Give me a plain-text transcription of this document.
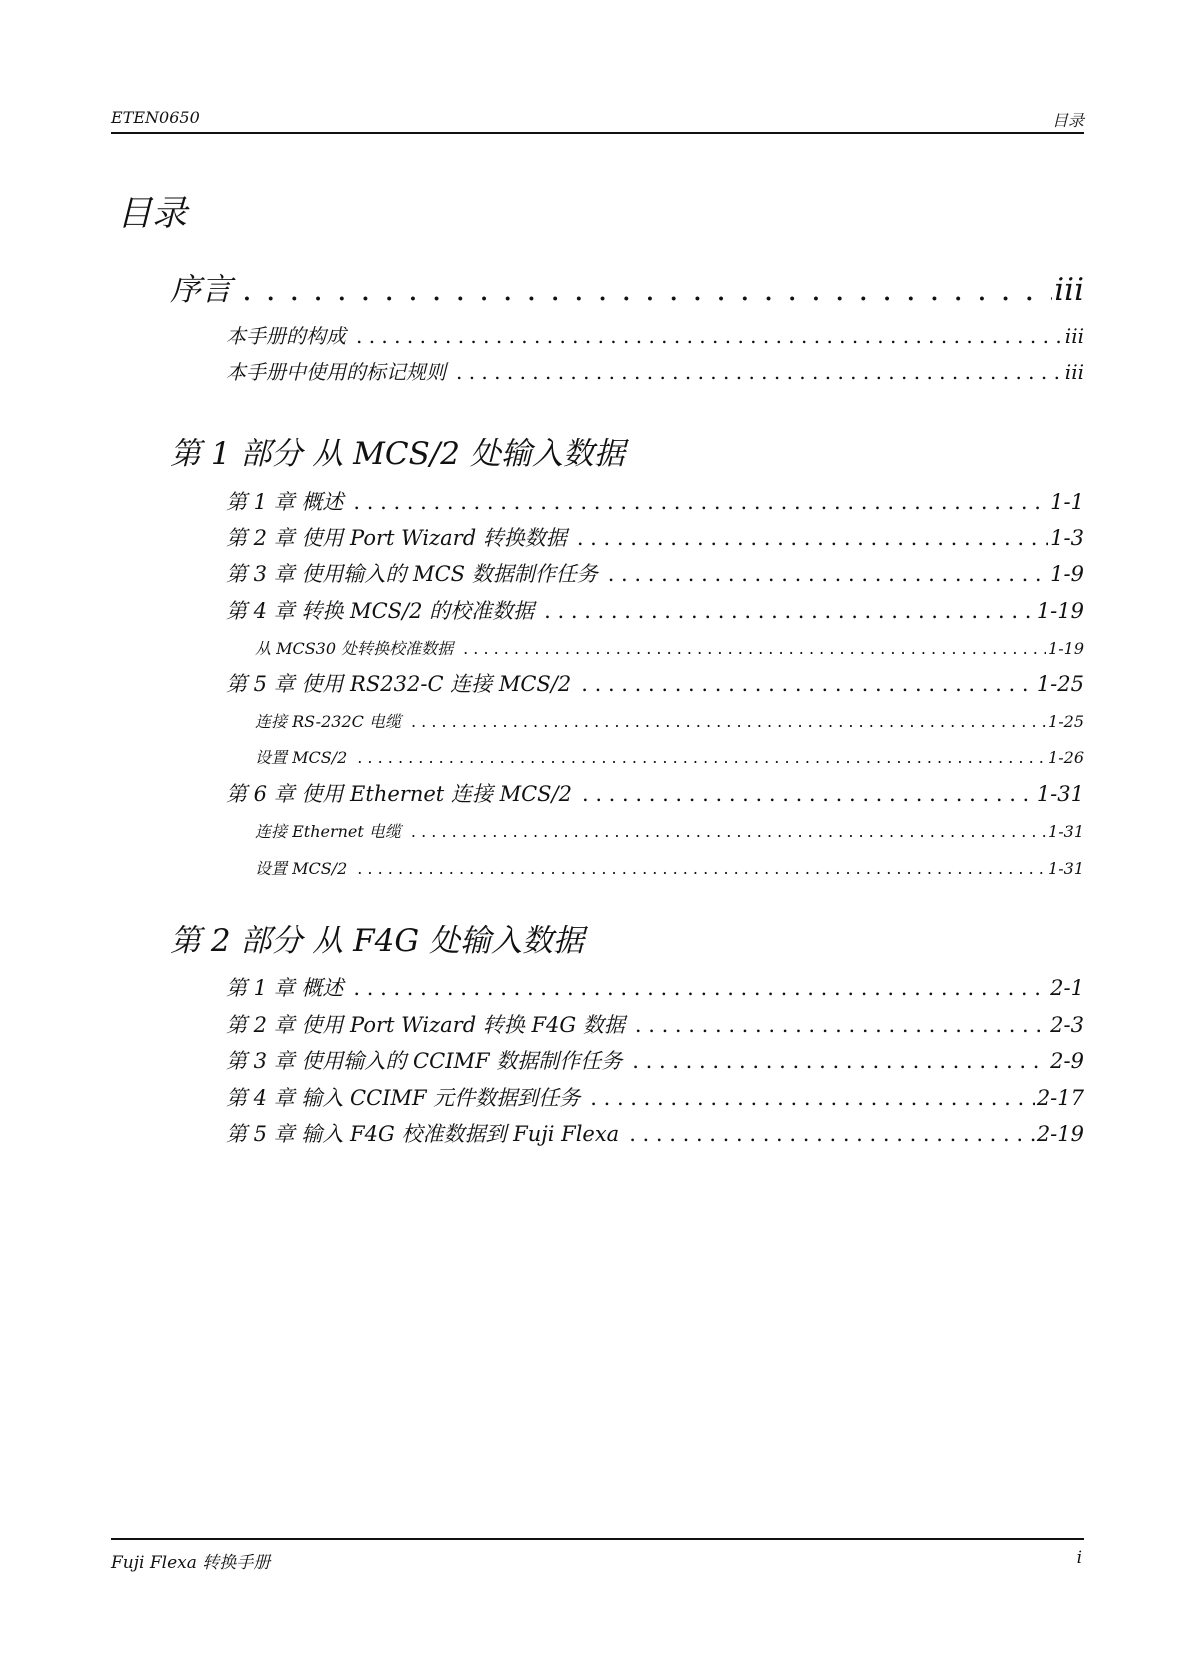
ETEN0650	目录
目录
序言 . . .	iii
本手册的构成 . . .	iii
本手册中使用的标记规则 . . .	iii
第 1 部分 从 MCS/2 处输入数据
第 1 章 概述 . . .	1-1
第 2 章 使用 Port Wizard 转换数据 . . .	1-3
第 3 章 使用输入的 MCS 数据制作任务 . . .	1-9
第 4 章 转换 MCS/2 的校准数据 . . .	1-19
从 MCS30 处转换校准数据 . . .	1-19
第 5 章 使用 RS232-C 连接 MCS/2 . . .	1-25
连接 RS-232C 电缆 . . .	1-25
设置 MCS/2 . . .	1-26
第 6 章 使用 Ethernet 连接 MCS/2 . . .	1-31
连接 Ethernet 电缆 . . .	1-31
设置 MCS/2 . . .	1-31
第 2 部分 从 F4G 处输入数据
第 1 章 概述 . . .	2-1
第 2 章 使用 Port Wizard 转换 F4G 数据 . . .	2-3
第 3 章 使用输入的 CCIMF 数据制作任务 . . .	2-9
第 4 章 输入 CCIMF 元件数据到任务 . . .	2-17
第 5 章 输入 F4G 校准数据到 Fuji Flexa . . .	2-19
Fuji Flexa 转换手册	i
